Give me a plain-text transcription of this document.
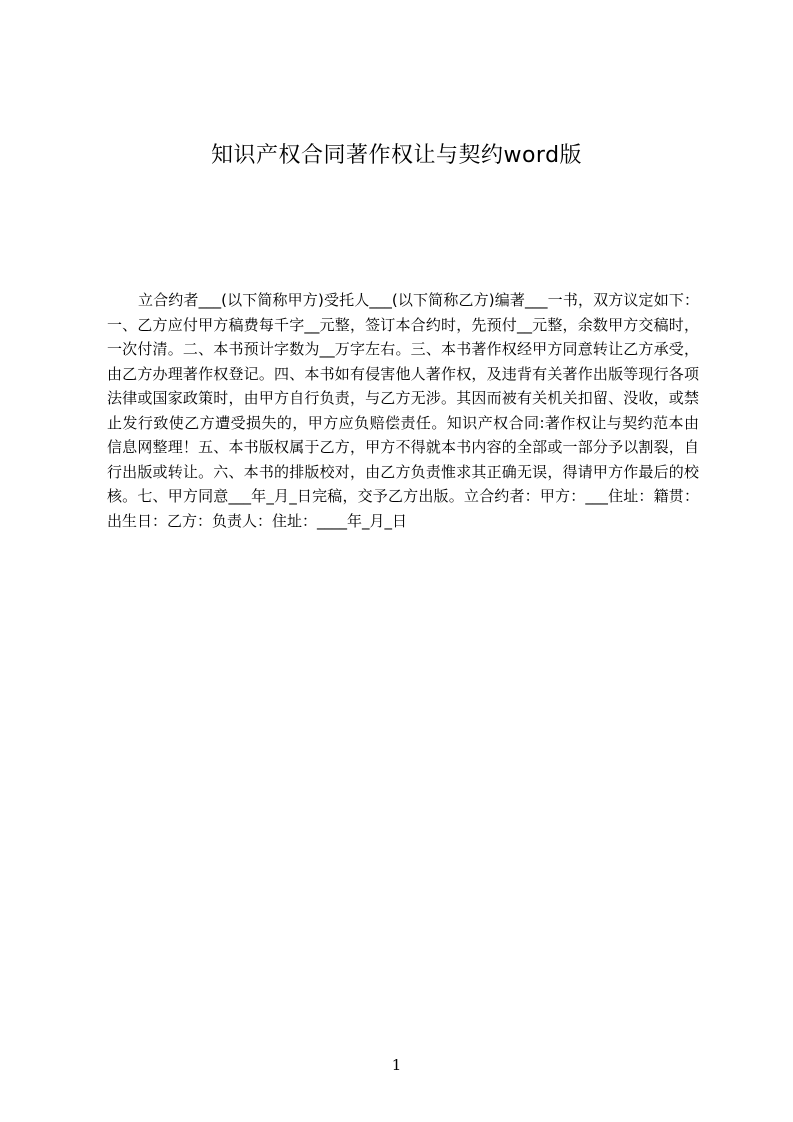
知识产权合同著作权让与契约word版

立合约者___(以下简称甲方)受托人___(以下简称乙方)编著___一书，双方议定如下：一、乙方应付甲方稿费每千字__元整，签订本合约时，先预付__元整，余数甲方交稿时，一次付清。二、本书预计字数为__万字左右。三、本书著作权经甲方同意转让乙方承受，由乙方办理著作权登记。四、本书如有侵害他人著作权，及违背有关著作出版等现行各项法律或国家政策时，由甲方自行负责，与乙方无涉。其因而被有关机关扣留、没收，或禁止发行致使乙方遭受损失的，甲方应负赔偿责任。知识产权合同:著作权让与契约范本由 信息网整理！五、本书版权属于乙方，甲方不得就本书内容的全部或一部分予以割裂，自行出版或转让。六、本书的排版校对，由乙方负责惟求其正确无误，得请甲方作最后的校核。七、甲方同意___年_月_日完稿，交予乙方出版。立合约者：甲方：___住址：籍贯：出生日：乙方：负责人：住址：____年_月_日

1
